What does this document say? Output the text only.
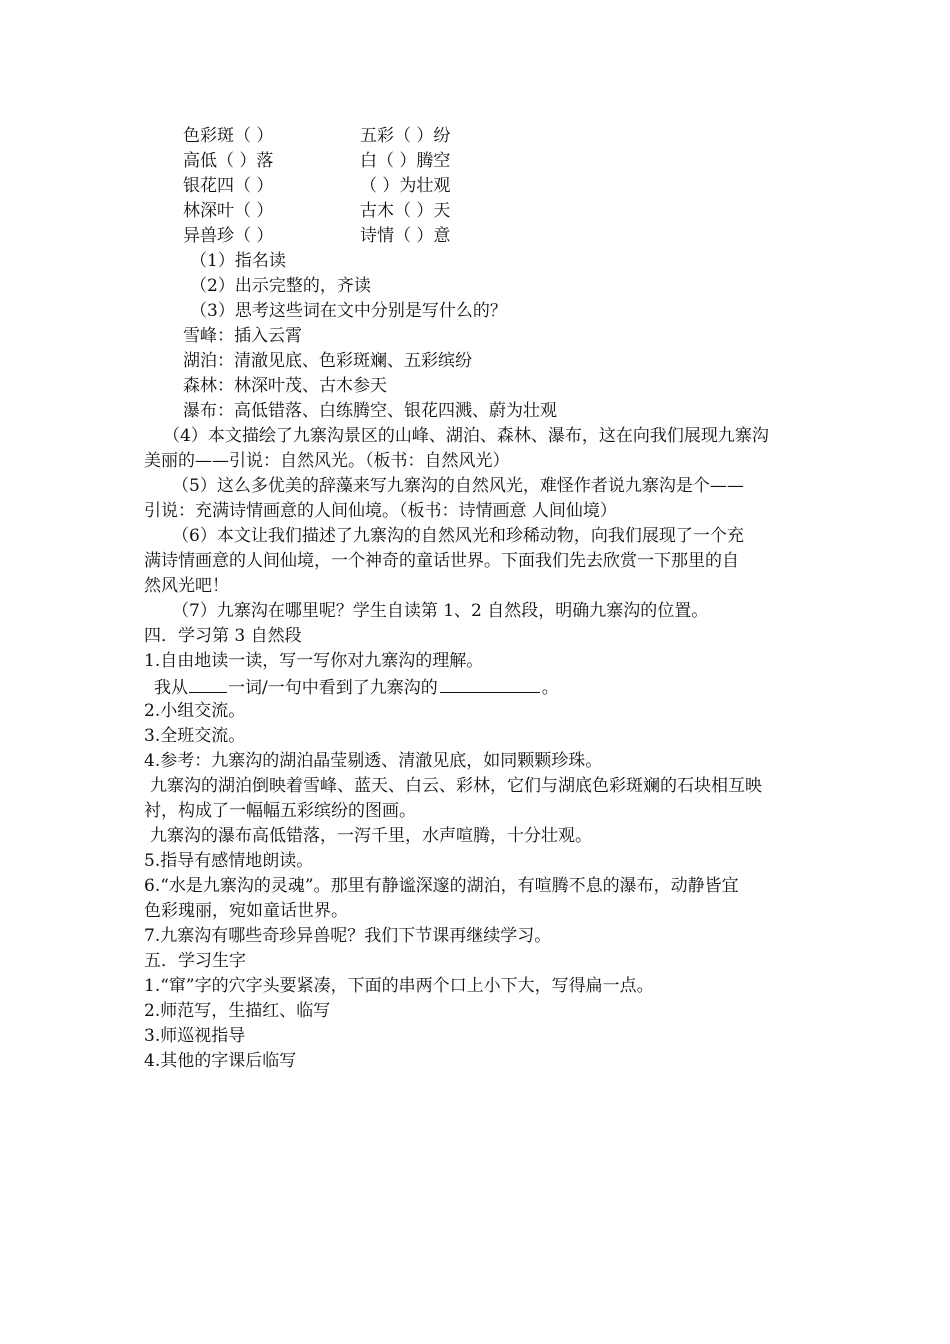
色彩斑（ ）	五彩（ ）纷
高低（ ）落	白（ ）腾空
银花四（ ）	（ ）为壮观
林深叶（ ）	古木（ ）天
异兽珍（ ）	诗情（ ）意
（1）指名读
（2）出示完整的，齐读
（3）思考这些词在文中分别是写什么的？
雪峰：插入云霄
湖泊：清澈见底、色彩斑斓、五彩缤纷
森林：林深叶茂、古木参天
瀑布：高低错落、白练腾空、银花四溅、蔚为壮观
（4）本文描绘了九寨沟景区的山峰、湖泊、森林、瀑布，这在向我们展现九寨沟
美丽的——引说：自然风光。（板书：自然风光）
（5）这么多优美的辞藻来写九寨沟的自然风光，难怪作者说九寨沟是个——
引说：充满诗情画意的人间仙境。（板书：诗情画意 人间仙境）
（6）本文让我们描述了九寨沟的自然风光和珍稀动物，向我们展现了一个充
满诗情画意的人间仙境，一个神奇的童话世界。下面我们先去欣赏一下那里的自
然风光吧！
（7）九寨沟在哪里呢？学生自读第 1、2 自然段，明确九寨沟的位置。
四．学习第 3 自然段
1.自由地读一读，写一写你对九寨沟的理解。
我从 一词/一句中看到了九寨沟的	。
2.小组交流。
3.全班交流。
4.参考：九寨沟的湖泊晶莹剔透、清澈见底，如同颗颗珍珠。
九寨沟的湖泊倒映着雪峰、蓝天、白云、彩林，它们与湖底色彩斑斓的石块相互映
衬，构成了一幅幅五彩缤纷的图画。
九寨沟的瀑布高低错落，一泻千里，水声喧腾，十分壮观。
5.指导有感情地朗读。
6.“水是九寨沟的灵魂”。那里有静谧深邃的湖泊，有喧腾不息的瀑布，动静皆宜
色彩瑰丽，宛如童话世界。
7.九寨沟有哪些奇珍异兽呢？我们下节课再继续学习。
五．学习生字
1.“窜”字的穴字头要紧凑，下面的串两个口上小下大，写得扁一点。
2.师范写，生描红、临写
3.师巡视指导
4.其他的字课后临写
